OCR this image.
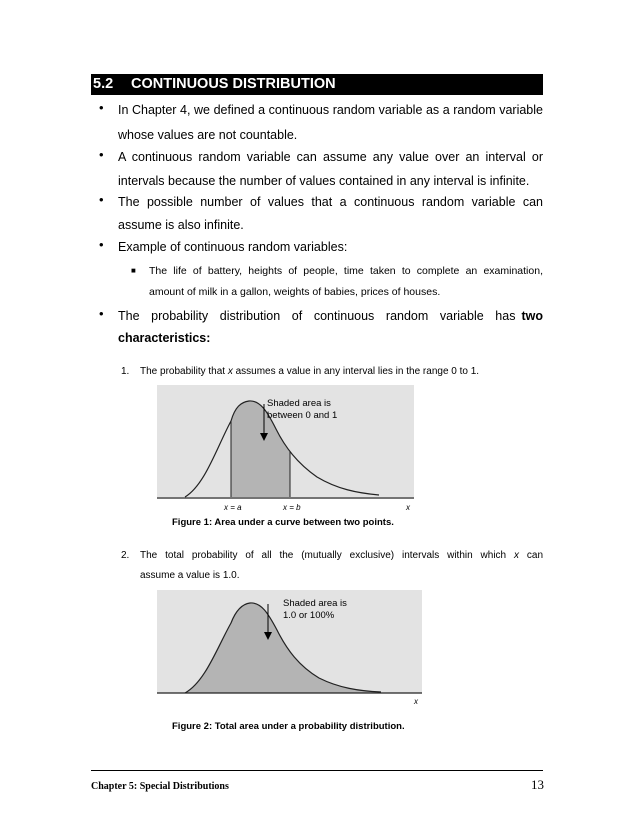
5.2 CONTINUOUS DISTRIBUTION
• In Chapter 4, we defined a continuous random variable as a random variable
whose values are not countable.
• A continuous random variable can assume any value over an interval or
intervals because the number of values contained in any interval is infinite.
• The possible number of values that a continuous random variable can
assume is also infinite.
• Example of continuous random variables:
■ The life of battery, heights of people, time taken to complete an examination,
amount of milk in a gallon, weights of babies, prices of houses.
• The probability distribution of continuous random variable has two
characteristics:
1. The probability that x assumes a value in any interval lies in the range 0 to 1.
Shaded area is
between 0 and 1
x = a	x = b	x
Figure 1: Area under a curve between two points.
2. The total probability of all the (mutually exclusive) intervals within which x can
assume a value is 1.0.
Shaded area is
1.0 or 100%
x
Figure 2: Total area under a probability distribution.
Chapter 5: Special Distributions	13
